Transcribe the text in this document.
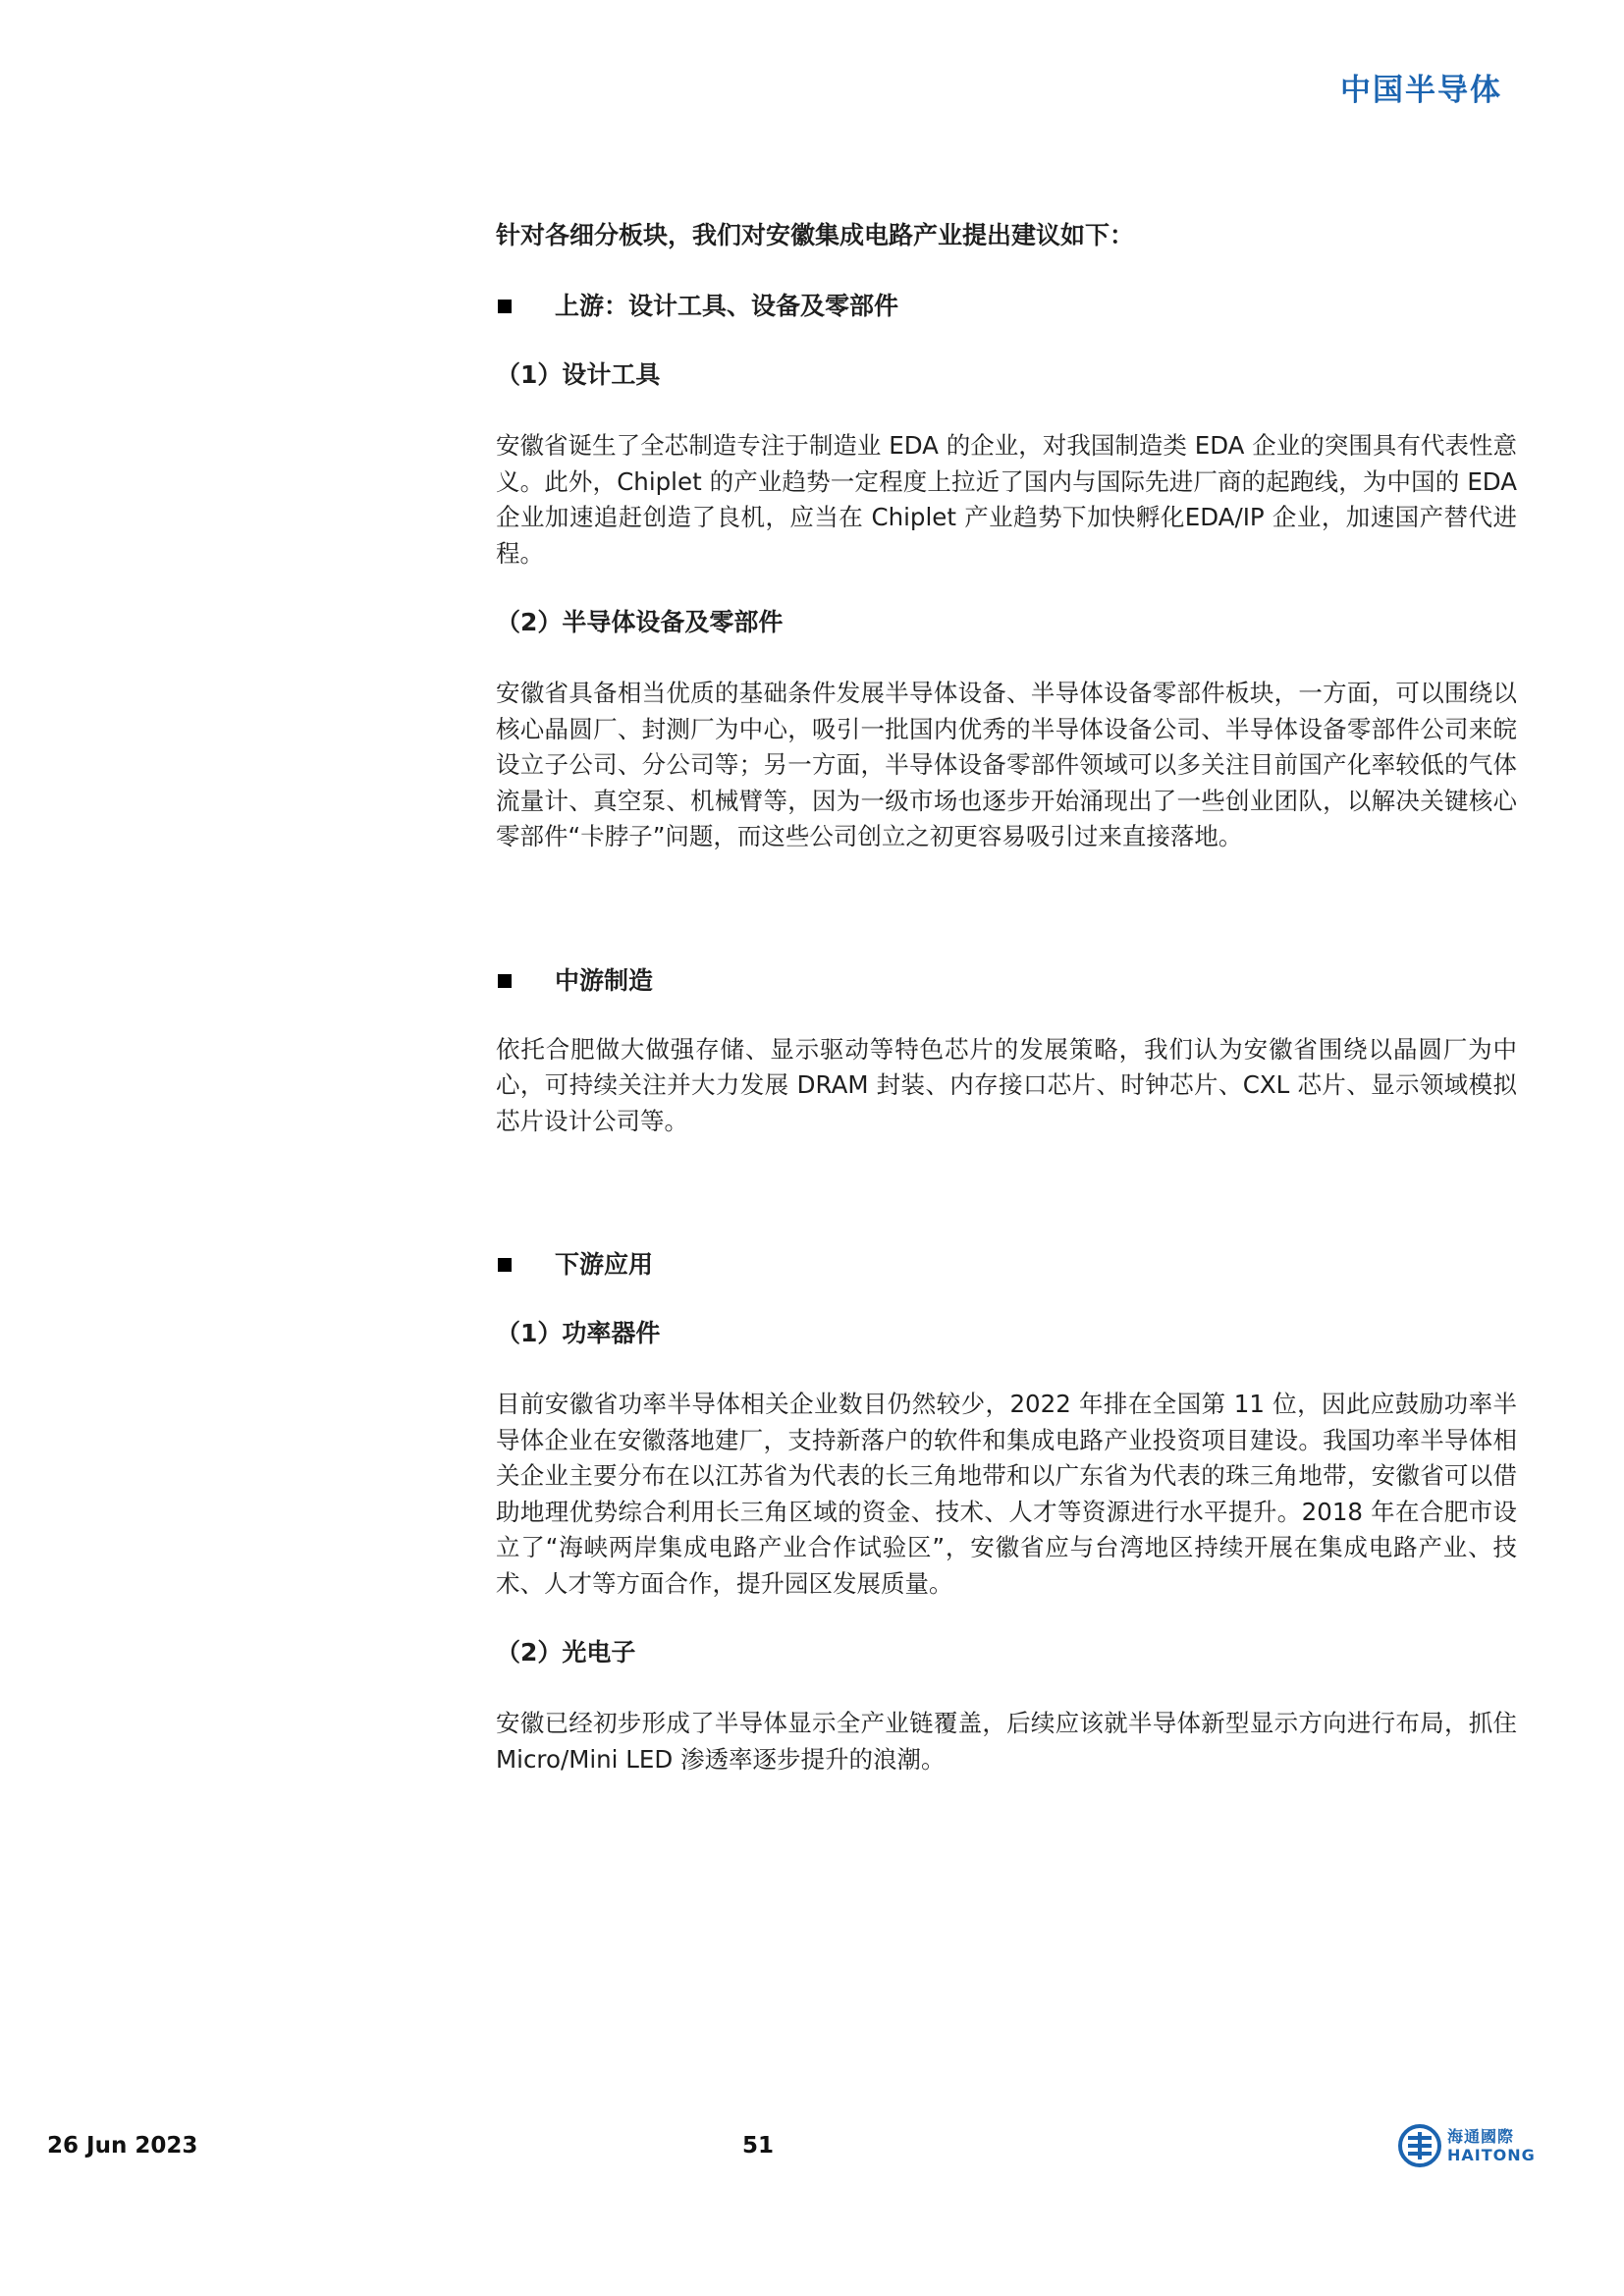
中国半导体

针对各细分板块，我们对安徽集成电路产业提出建议如下：

上游：设计工具、设备及零部件
（1）设计工具

安徽省诞生了全芯制造专注于制造业 EDA 的企业，对我国制造类 EDA 企业的突围具有代表性意义。此外，Chiplet 的产业趋势一定程度上拉近了国内与国际先进厂商的起跑线，为中国的 EDA 企业加速追赶创造了良机，应当在 Chiplet 产业趋势下加快孵化EDA/IP 企业，加速国产替代进程。

（2）半导体设备及零部件

安徽省具备相当优质的基础条件发展半导体设备、半导体设备零部件板块，一方面，可以围绕以核心晶圆厂、封测厂为中心，吸引一批国内优秀的半导体设备公司、半导体设备零部件公司来皖设立子公司、分公司等；另一方面，半导体设备零部件领域可以多关注目前国产化率较低的气体流量计、真空泵、机械臂等，因为一级市场也逐步开始涌现出了一些创业团队，以解决关键核心零部件“卡脖子”问题，而这些公司创立之初更容易吸引过来直接落地。

中游制造

依托合肥做大做强存储、显示驱动等特色芯片的发展策略，我们认为安徽省围绕以晶圆厂为中心，可持续关注并大力发展 DRAM 封装、内存接口芯片、时钟芯片、CXL 芯片、显示领域模拟芯片设计公司等。

下游应用
（1）功率器件

目前安徽省功率半导体相关企业数目仍然较少，2022 年排在全国第 11 位，因此应鼓励功率半导体企业在安徽落地建厂，支持新落户的软件和集成电路产业投资项目建设。我国功率半导体相关企业主要分布在以江苏省为代表的长三角地带和以广东省为代表的珠三角地带，安徽省可以借助地理优势综合利用长三角区域的资金、技术、人才等资源进行水平提升。2018 年在合肥市设立了“海峡两岸集成电路产业合作试验区”，安徽省应与台湾地区持续开展在集成电路产业、技术、人才等方面合作，提升园区发展质量。

（2）光电子

安徽已经初步形成了半导体显示全产业链覆盖，后续应该就半导体新型显示方向进行布局，抓住 Micro/Mini LED 渗透率逐步提升的浪潮。

26 Jun 2023	51	海通國際
HAITONG
